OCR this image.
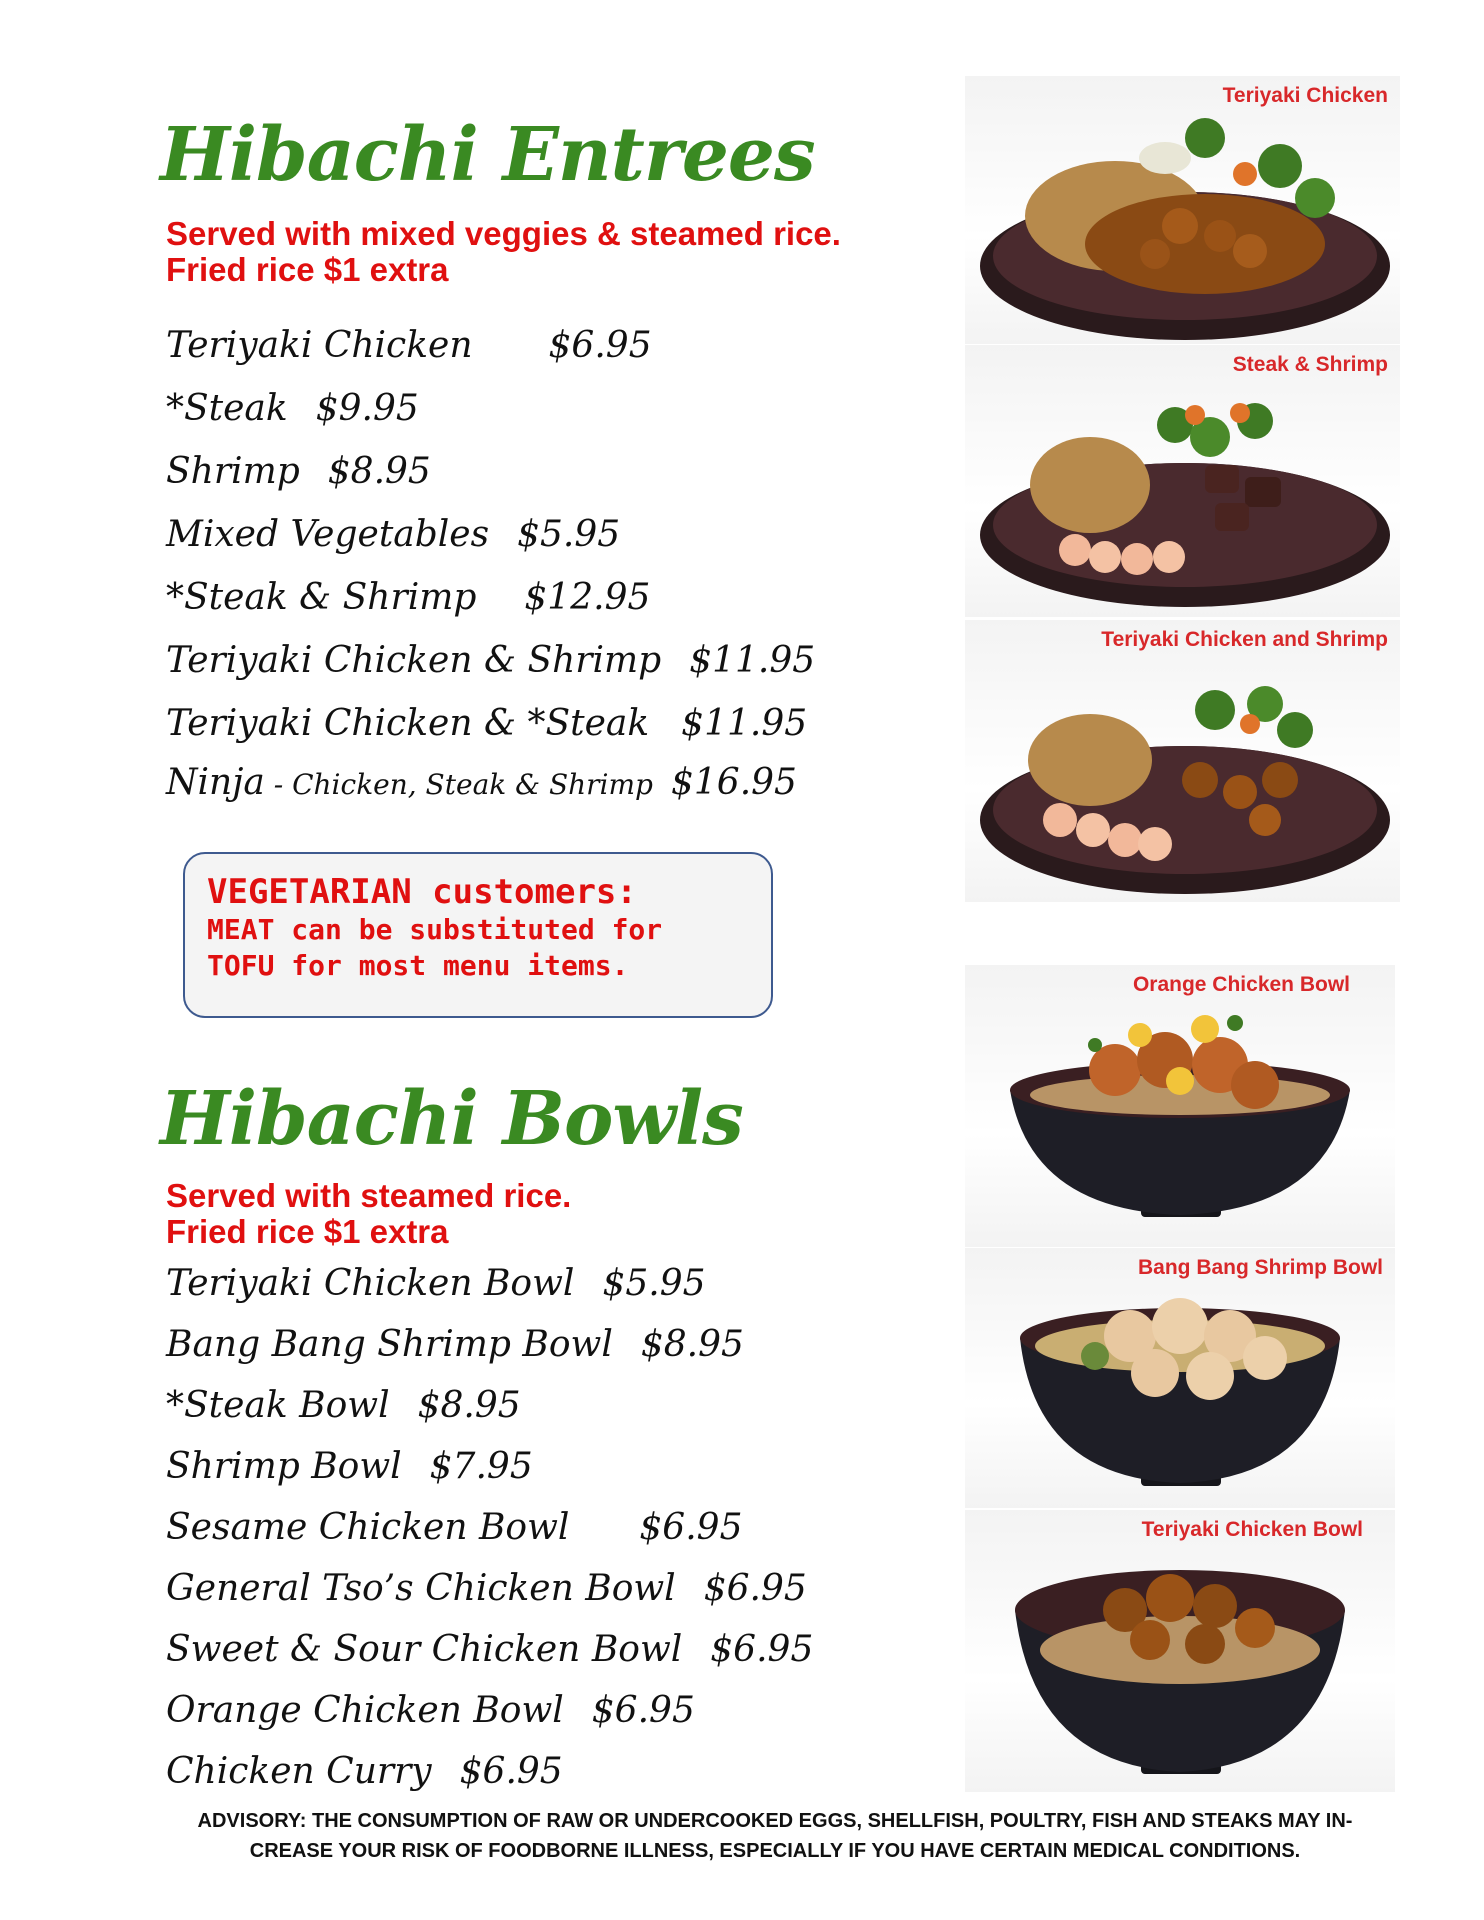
Hibachi Entrees

Served with mixed veggies & steamed rice.
Fried rice $1 extra

Teriyaki Chicken $6.95

*Steak $9.95

Shrimp $8.95

Mixed Vegetables $5.95

*Steak & Shrimp $12.95

Teriyaki Chicken & Shrimp $11.95

Teriyaki Chicken & *Steak $11.95

Ninja - Chicken, Steak & Shrimp $16.95

VEGETARIAN customers:
MEAT can be substituted for
TOFU for most menu items.
Hibachi Bowls

Served with steamed rice.
Fried rice $1 extra

Teriyaki Chicken Bowl $5.95

Bang Bang Shrimp Bowl $8.95

*Steak Bowl $8.95

Shrimp Bowl $7.95

Sesame Chicken Bowl $6.95

General Tso’s Chicken Bowl $6.95

Sweet & Sour Chicken Bowl $6.95

Orange Chicken Bowl $6.95

Chicken Curry $6.95

Teriyaki Chicken

Steak & Shrimp

Teriyaki Chicken and Shrimp

Orange Chicken Bowl

Bang Bang Shrimp Bowl

Teriyaki Chicken Bowl

ADVISORY: THE CONSUMPTION OF RAW OR UNDERCOOKED EGGS, SHELLFISH, POULTRY, FISH AND STEAKS MAY IN-
CREASE YOUR RISK OF FOODBORNE ILLNESS, ESPECIALLY IF YOU HAVE CERTAIN MEDICAL CONDITIONS.
